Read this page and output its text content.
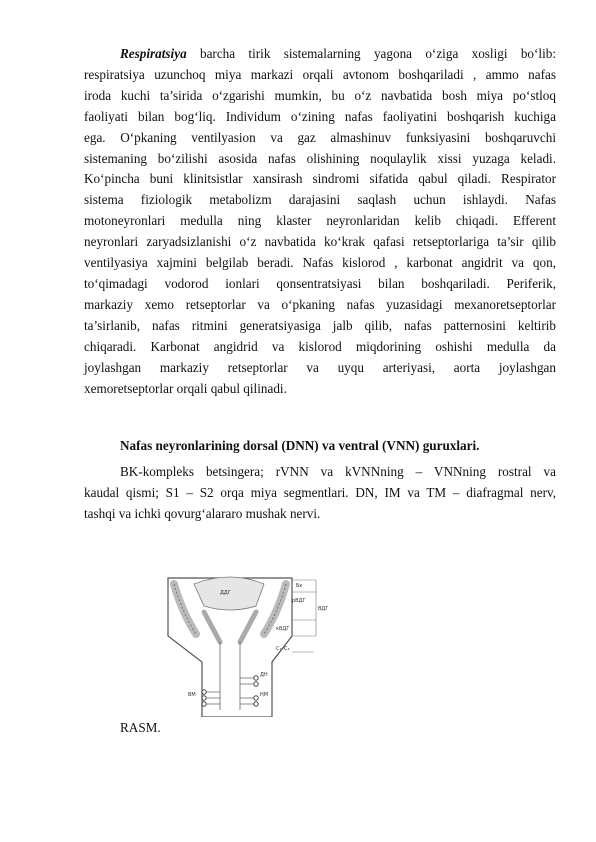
Respiratsiya barcha tirik sistemalarning yagona o‘ziga xosligi bo‘lib:
respiratsiya uzunchoq miya markazi orqali avtonom boshqariladi , ammo nafas
iroda kuchi ta’sirida o‘zgarishi mumkin, bu o‘z navbatida bosh miya po‘stloq
faoliyati bilan bog‘liq. Individum o‘zining nafas faoliyatini boshqarish kuchiga
ega. O‘pkaning ventilyasion va gaz almashinuv funksiyasini boshqaruvchi
sistemaning bo‘zilishi asosida nafas olishining noqulaylik xissi yuzaga keladi.
Ko‘pincha buni klinitsistlar xansirash sindromi sifatida qabul qiladi. Respirator
sistema fiziologik metabolizm darajasini saqlash uchun ishlaydi. Nafas
motoneyronlari medulla ning klaster neyronlaridan kelib chiqadi. Efferent
neyronlari zaryadsizlanishi o‘z navbatida ko‘krak qafasi retseptorlariga ta’sir qilib
ventilyasiya xajmini belgilab beradi. Nafas kislorod , karbonat angidrit va qon,
to‘qimadagi vodorod ionlari qonsentratsiyasi bilan boshqariladi. Periferik,
markaziy xemo retseptorlar va o‘pkaning nafas yuzasidagi mexanoretseptorlar
ta’sirlanib, nafas ritmini generatsiyasiga jalb qilib, nafas patternosini keltirib
chiqaradi. Karbonat angidrid va kislorod miqdorining oshishi medulla da
joylashgan markaziy retseptorlar va uyqu arteriyasi, aorta joylashgan
xemoretseptorlar orqali qabul qilinadi.
Nafas neyronlarining dorsal (DNN) va ventral (VNN) guruxlari.
BK-kompleks betsingera; rVNN va kVNNning – VNNning rostral va
kaudal qismi; S1 – S2 orqa miya segmentlari. DN, IM va TM – diafragmal nerv,
tashqi va ichki qovurg‘alararo mushak nervi.
ДДГ
Бк
рВДГ
ВДГ
кВДГ
C₁–C₄
ДН
ВМ	НМ
RASM.
